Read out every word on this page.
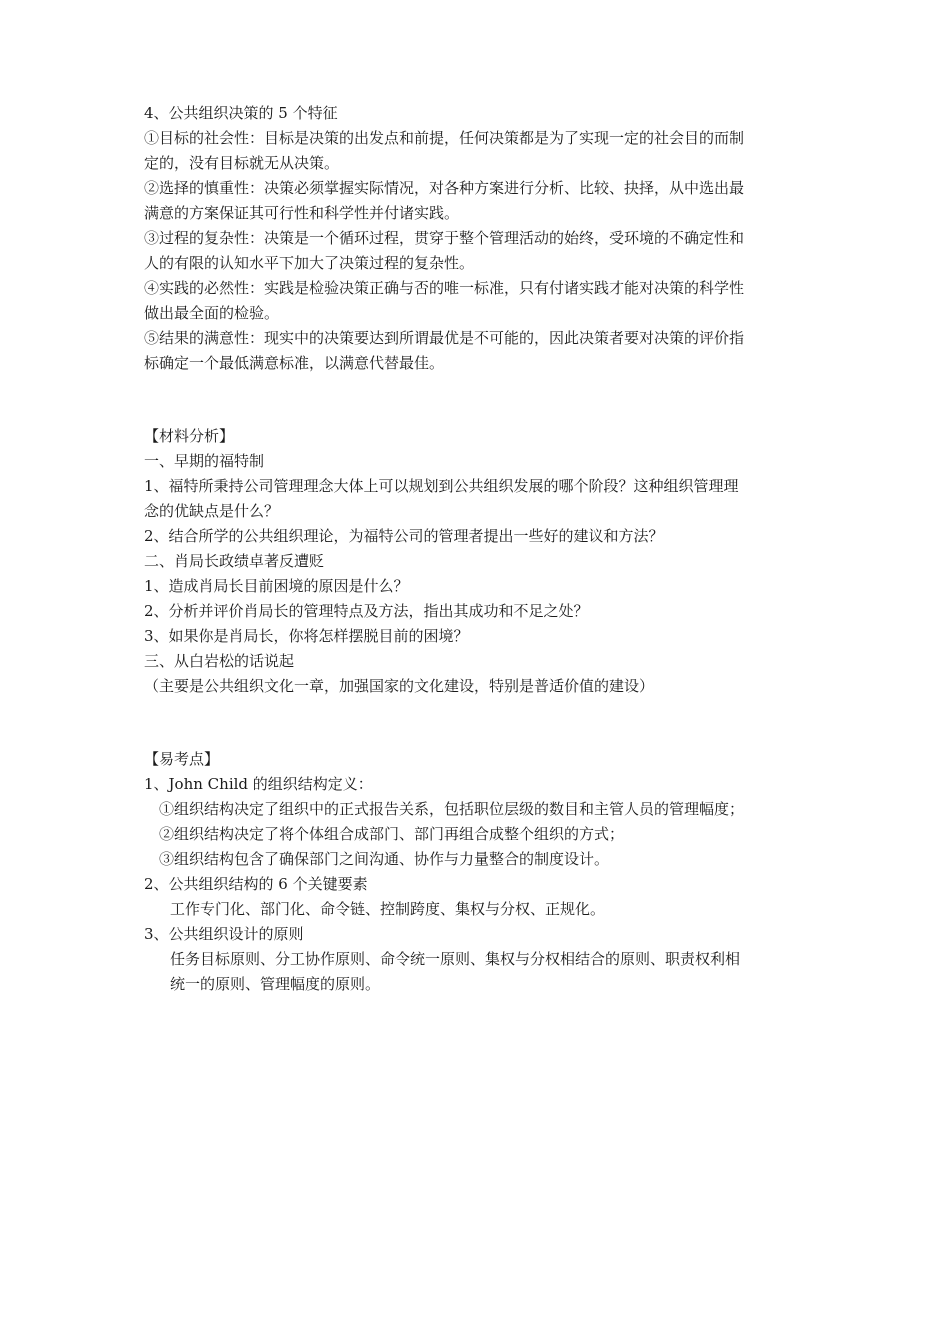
4、公共组织决策的 5 个特征
①目标的社会性：目标是决策的出发点和前提，任何决策都是为了实现一定的社会目的而制
定的，没有目标就无从决策。
②选择的慎重性：决策必须掌握实际情况，对各种方案进行分析、比较、抉择，从中选出最
满意的方案保证其可行性和科学性并付诸实践。
③过程的复杂性：决策是一个循环过程，贯穿于整个管理活动的始终，受环境的不确定性和
人的有限的认知水平下加大了决策过程的复杂性。
④实践的必然性：实践是检验决策正确与否的唯一标准，只有付诸实践才能对决策的科学性
做出最全面的检验。
⑤结果的满意性：现实中的决策要达到所谓最优是不可能的，因此决策者要对决策的评价指
标确定一个最低满意标准，以满意代替最佳。
【材料分析】
一、早期的福特制
1、福特所秉持公司管理理念大体上可以规划到公共组织发展的哪个阶段？这种组织管理理
念的优缺点是什么？
2、结合所学的公共组织理论，为福特公司的管理者提出一些好的建议和方法？
二、肖局长政绩卓著反遭贬
1、造成肖局长目前困境的原因是什么？
2、分析并评价肖局长的管理特点及方法，指出其成功和不足之处？
3、如果你是肖局长，你将怎样摆脱目前的困境？
三、从白岩松的话说起
（主要是公共组织文化一章，加强国家的文化建设，特别是普适价值的建设）
【易考点】
1、John Child 的组织结构定义：
①组织结构决定了组织中的正式报告关系，包括职位层级的数目和主管人员的管理幅度；
②组织结构决定了将个体组合成部门、部门再组合成整个组织的方式；
③组织结构包含了确保部门之间沟通、协作与力量整合的制度设计。
2、公共组织结构的 6 个关键要素
工作专门化、部门化、命令链、控制跨度、集权与分权、正规化。
3、公共组织设计的原则
任务目标原则、分工协作原则、命令统一原则、集权与分权相结合的原则、职责权利相
统一的原则、管理幅度的原则。
